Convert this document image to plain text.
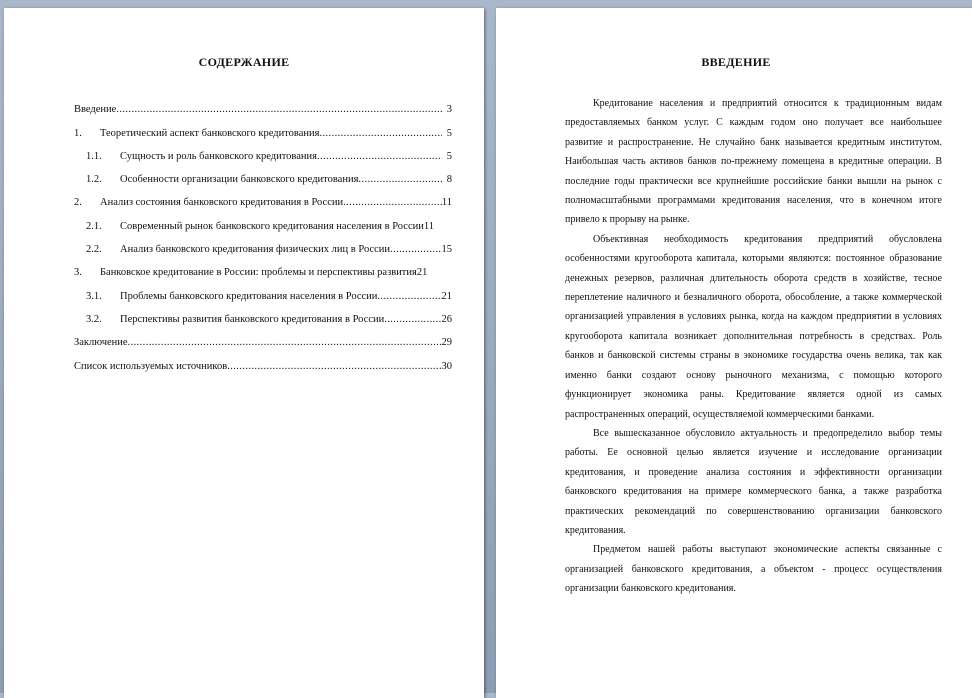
СОДЕРЖАНИЕ
Введение .....	3
1.	Теоретический аспект банковского кредитования .....	5
1.1.	Сущность и роль банковского кредитования .....	5
1.2.	Особенности организации банковского кредитования .....	8
2.	Анализ состояния банковского кредитования в России .....	11
2.1.	Современный рынок банковского кредитования населения в России 11
2.2.	Анализ банковского кредитования физических лиц в России .....	15
3.	Банковское кредитование в России: проблемы и перспективы развития 21
3.1.	Проблемы банковского кредитования населения в России .....	21
3.2.	Перспективы развития банковского кредитования в России .....	26
Заключение .....	29
Список используемых источников .....	30
ВВЕДЕНИЕ

Кредитование населения и предприятий относится к традиционным видам предоставляемых банком услуг. С каждым годом оно получает все наибольшее развитие и распространение. Не случайно банк называется кредитным институтом. Наибольшая часть активов банков по-прежнему помещена в кредитные операции. В последние годы практически все крупнейшие российские банки вышли на рынок с полномасштабными программами кредитования населения, что в конечном итоге привело к прорыву на рынке.

Объективная необходимость кредитования предприятий обусловлена особенностями кругооборота капитала, которыми являются: постоянное образование денежных резервов, различная длительность оборота средств в хозяйстве, тесное переплетение наличного и безналичного оборота, обособление, а также коммерческой организацией управления в условиях рынка, когда на каждом предприятии в условиях кругооборота капитала возникает дополнительная потребность в средствах. Роль банков и банковской системы страны в экономике государства очень велика, так как именно банки создают основу рыночного механизма, с помощью которого функционирует экономика раны. Кредитование является одной из самых распространенных операций, осуществляемой коммерческими банками.

Все вышесказанное обусловило актуальность и предопределило выбор темы работы. Ее основной целью является изучение и исследование организации кредитования, и проведение анализа состояния и эффективности организации банковского кредитования на примере коммерческого банка, а также разработка практических рекомендаций по совершенствованию организации банковского кредитования.

Предметом нашей работы выступают экономические аспекты связанные с организацией банковского кредитования, а объектом - процесс осуществления организации банковского кредитования.
